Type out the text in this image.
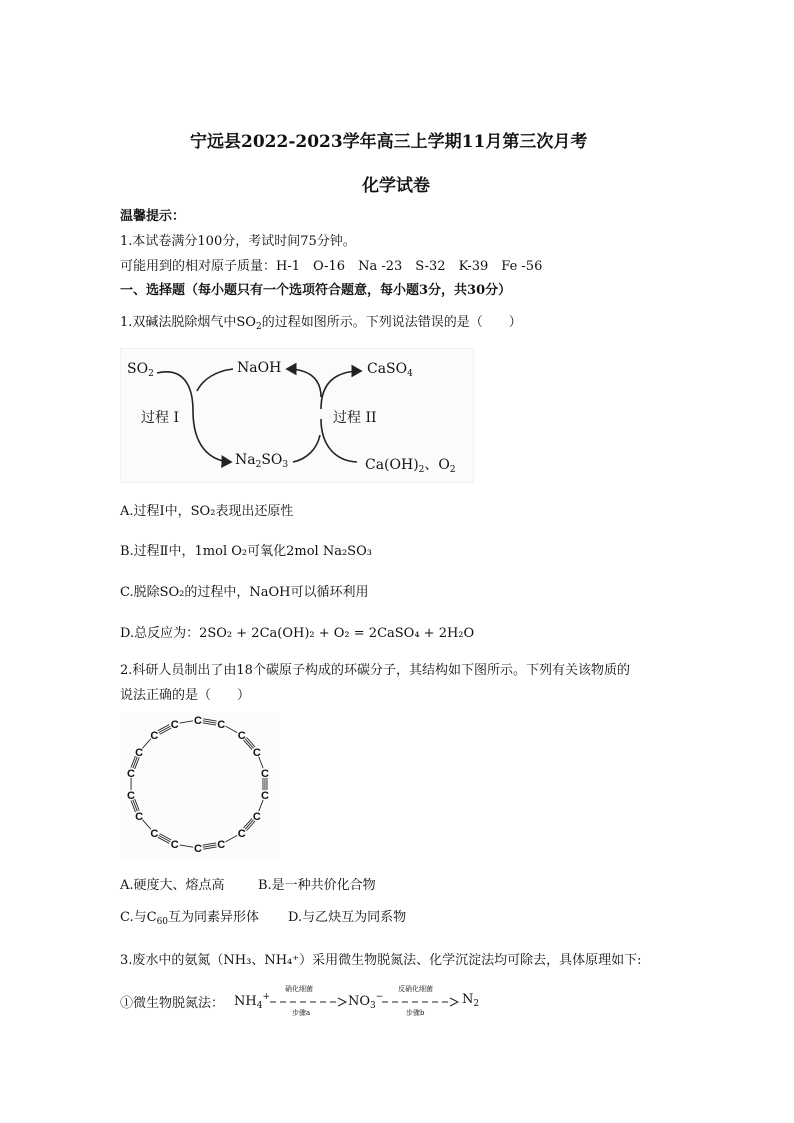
宁远县2022-2023学年高三上学期11月第三次月考
化学试卷
温馨提示：
1.本试卷满分100分，考试时间75分钟。
可能用到的相对原子质量：H-1　O-16　Na -23　S-32　K-39　Fe -56
一、选择题（每小题只有一个选项符合题意，每小题3分，共30分）
1.双碱法脱除烟气中$SO_2$的过程如图所示。下列说法错误的是（　　）
$SO_2$	NaOH	CaSO$_4$
过程 I	过程 II
$Na_2SO_3$	$Ca(OH)_2$、$O_2$
A.过程Ⅰ中，SO₂表现出还原性
B.过程Ⅱ中，1mol O₂可氧化2mol Na₂SO₃
C.脱除SO₂的过程中，NaOH可以循环利用
D.总反应为：2SO₂ + 2Ca(OH)₂ + O₂ = 2CaSO₄ + 2H₂O
2.科研人员制出了由18个碳原子构成的环碳分子，其结构如下图所示。下列有关该物质的
说法正确的是（　　）
C C
C
C
C
C
C
C
C
C
C
C
C
C
C
C
C
C
A.硬度大、熔点高	B.是一种共价化合物
C.与$C_{60}$互为同素异形体 D.与乙炔互为同系物
3.废水中的氨氮（NH₃、NH₄⁺）采用微生物脱氮法、化学沉淀法均可除去，具体原理如下:
①微生物脱氮法： $NH_4^+$
硝化细菌
步骤a
$NO_3^-$
反硝化细菌
步骤b
$N_2$
